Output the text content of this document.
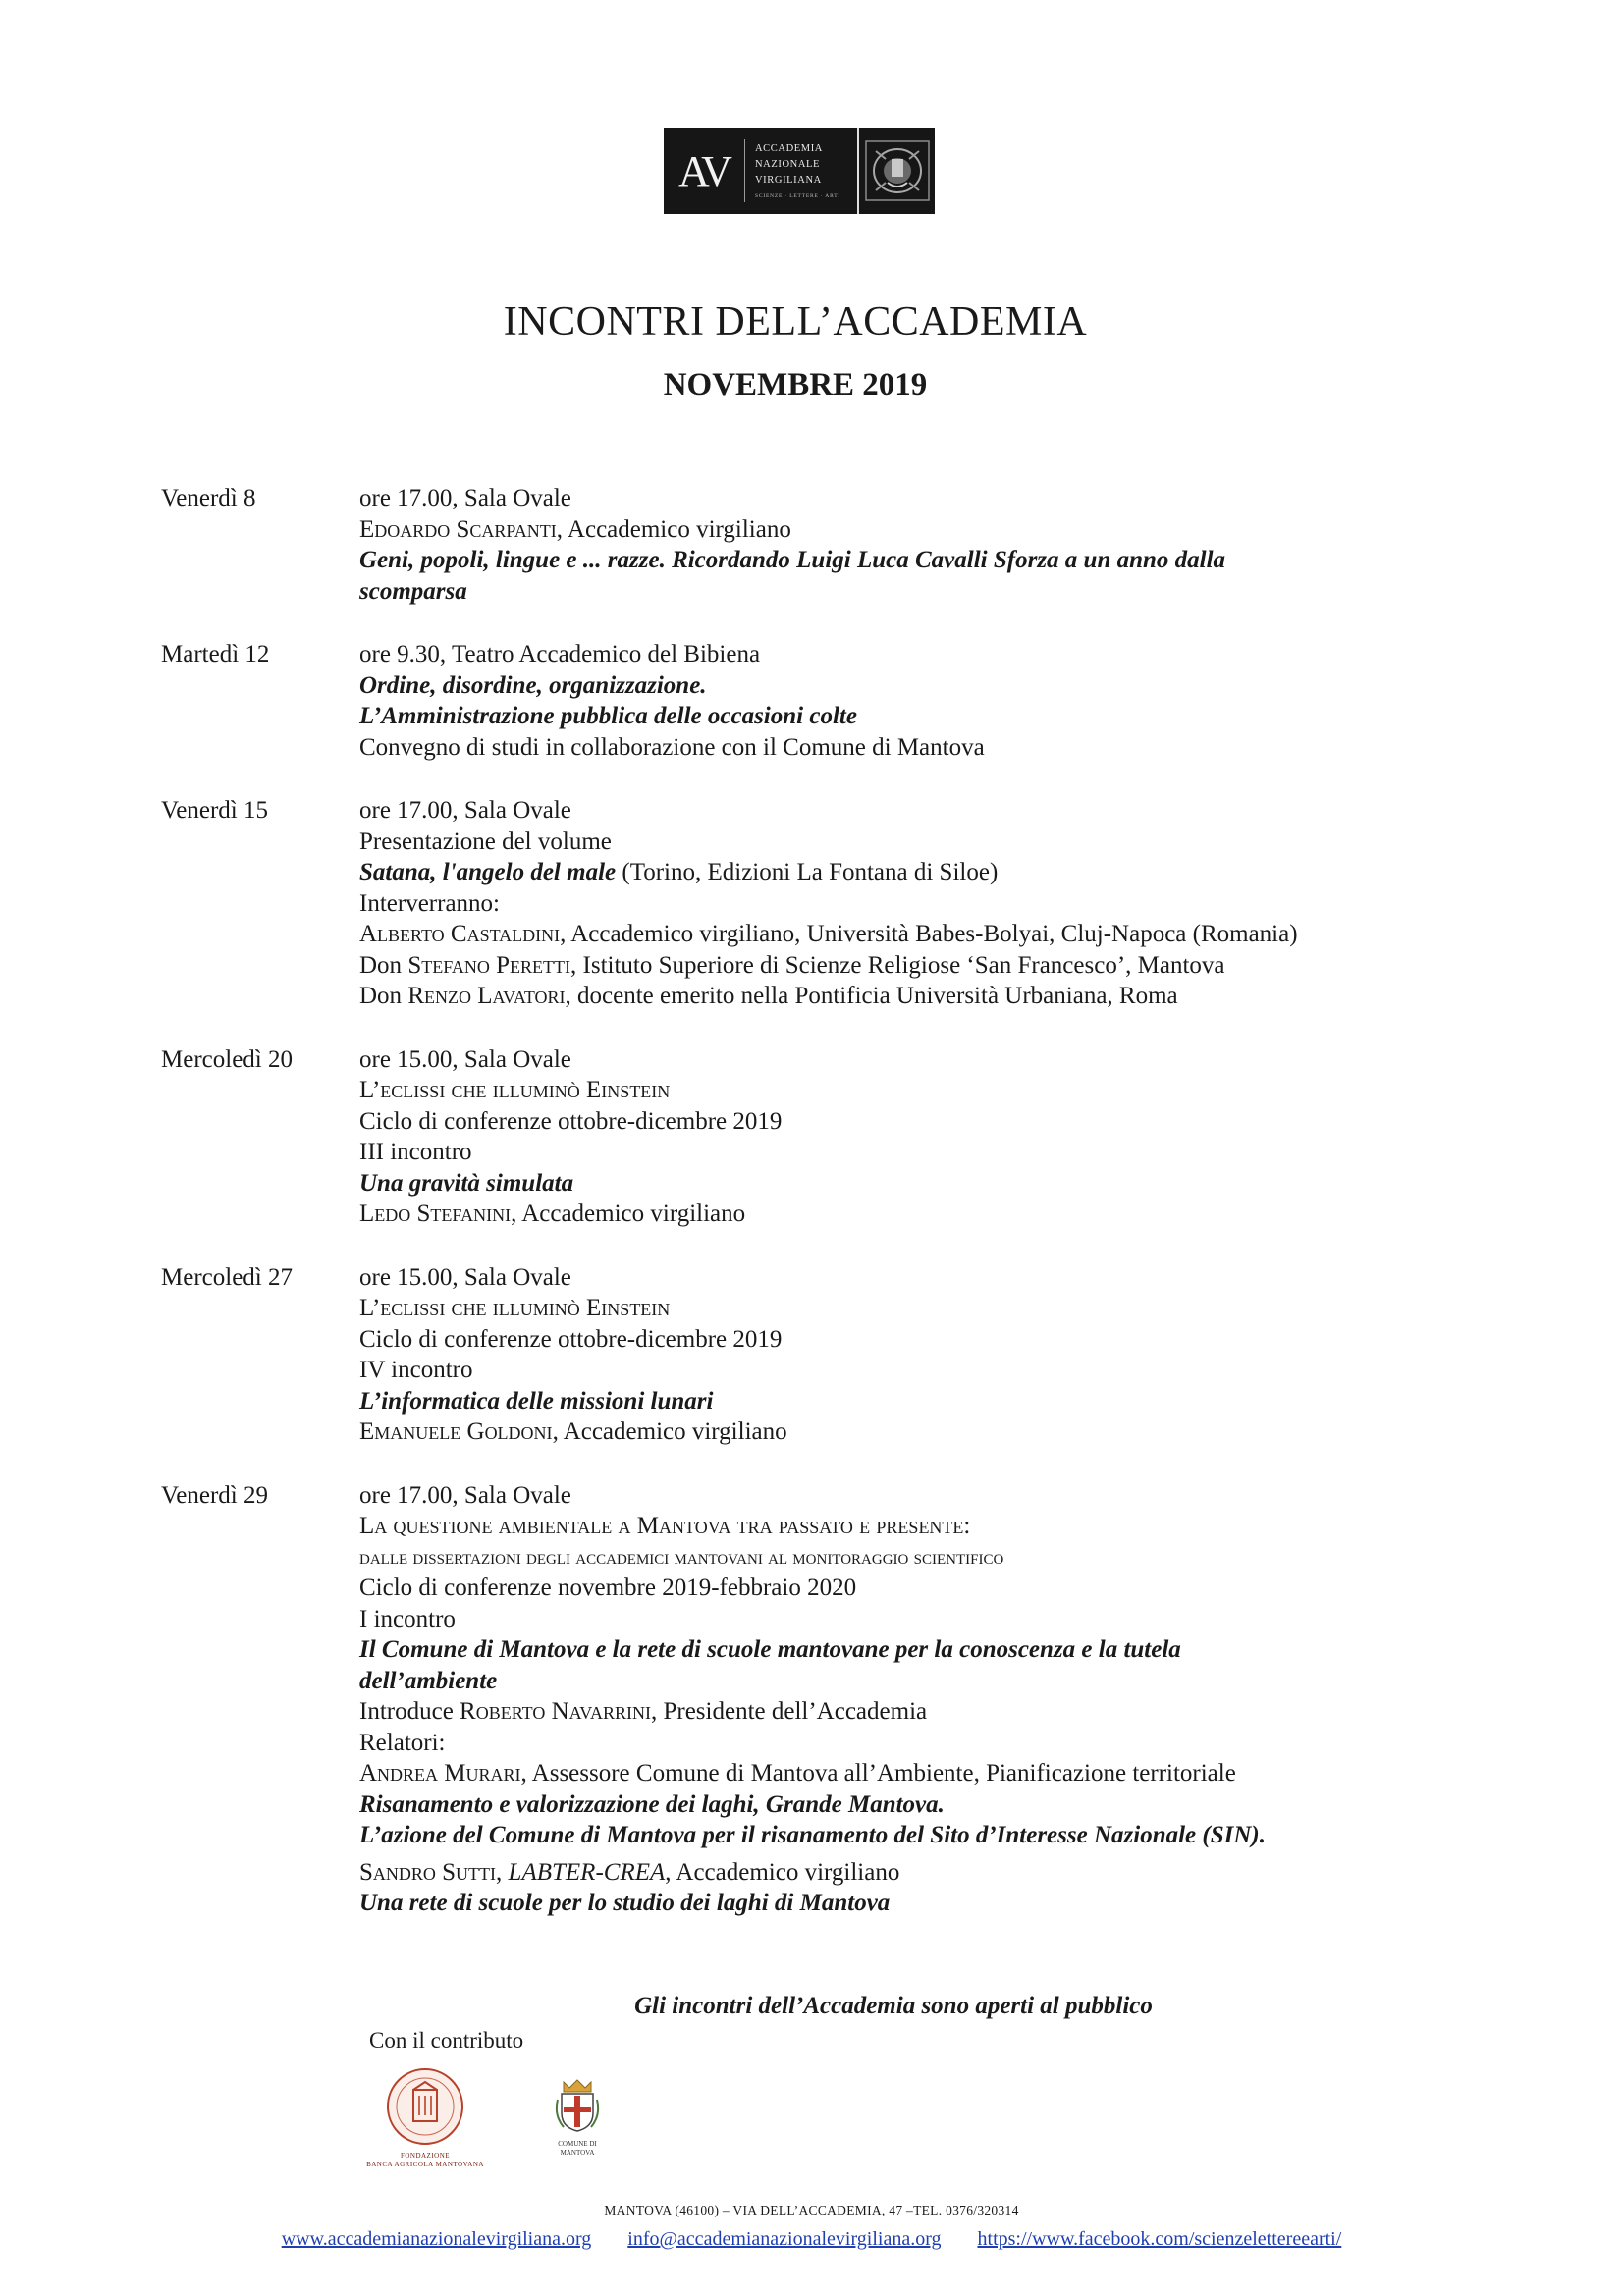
AV	ACCADEMIA
NAZIONALE
VIRGILIANA
SCIENZE · LETTERE · ARTI
INCONTRI DELL’ACCADEMIA
NOVEMBRE 2019
Venerdì 8	ore 17.00, Sala Ovale
Edoardo Scarpanti, Accademico virgiliano
Geni, popoli, lingue e ... razze. Ricordando Luigi Luca Cavalli Sforza a un anno dalla
scomparsa
Martedì 12	ore 9.30, Teatro Accademico del Bibiena
Ordine, disordine, organizzazione.
L’Amministrazione pubblica delle occasioni colte
Convegno di studi in collaborazione con il Comune di Mantova
Venerdì 15	ore 17.00, Sala Ovale
Presentazione del volume
Satana, l'angelo del male (Torino, Edizioni La Fontana di Siloe)
Interverranno:
Alberto Castaldini, Accademico virgiliano, Università Babes-Bolyai, Cluj-Napoca (Romania)
Don Stefano Peretti, Istituto Superiore di Scienze Religiose ‘San Francesco’, Mantova
Don Renzo Lavatori, docente emerito nella Pontificia Università Urbaniana, Roma
Mercoledì 20	ore 15.00, Sala Ovale
L’eclissi che illuminò Einstein
Ciclo di conferenze ottobre-dicembre 2019
III incontro
Una gravità simulata
Ledo Stefanini, Accademico virgiliano
Mercoledì 27	ore 15.00, Sala Ovale
L’eclissi che illuminò Einstein
Ciclo di conferenze ottobre-dicembre 2019
IV incontro
L’informatica delle missioni lunari
Emanuele Goldoni, Accademico virgiliano
Venerdì 29	ore 17.00, Sala Ovale
La questione ambientale a Mantova tra passato e presente:
dalle dissertazioni degli accademici mantovani al monitoraggio scientifico
Ciclo di conferenze novembre 2019-febbraio 2020
I incontro
Il Comune di Mantova e la rete di scuole mantovane per la conoscenza e la tutela
dell’ambiente
Introduce Roberto Navarrini, Presidente dell’Accademia
Relatori:
Andrea Murari, Assessore Comune di Mantova all’Ambiente, Pianificazione territoriale
Risanamento e valorizzazione dei laghi, Grande Mantova.
L’azione del Comune di Mantova per il risanamento del Sito d’Interesse Nazionale (SIN).
Sandro Sutti, LABTER-CREA, Accademico virgiliano
Una rete di scuole per lo studio dei laghi di Mantova
Gli incontri dell’Accademia sono aperti al pubblico
Con il contributo
FONDAZIONE
BANCA AGRICOLA MANTOVANA
COMUNE DI
MANTOVA
MANTOVA (46100) – VIA DELL’ACCADEMIA, 47 –TEL. 0376/320314
www.accademianazionalevirgiliana.org info@accademianazionalevirgiliana.org https://www.facebook.com/scienzelettereearti/
